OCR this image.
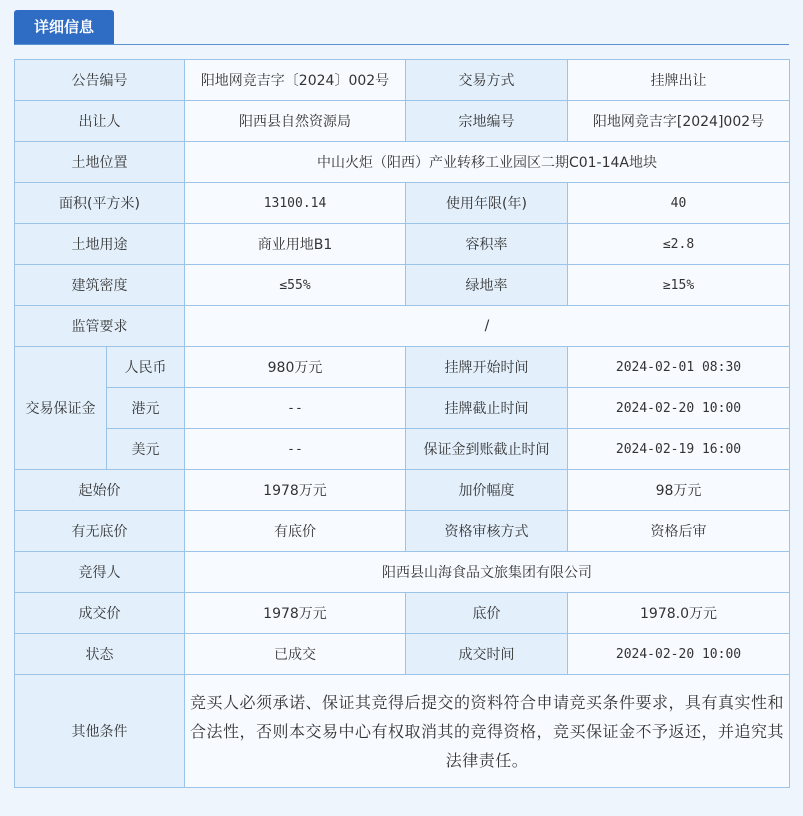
详细信息
公告编号		阳地网竞吉字〔2024〕002号	交易方式	挂牌出让
出让人		阳西县自然资源局	宗地编号	阳地网竞吉字[2024]002号
土地位置		中山火炬（阳西）产业转移工业园区二期C01-14A地块		
面积(平方米)		13100.14	使用年限(年)	40
土地用途		商业用地B1	容积率	≤2.8
建筑密度		≤55%	绿地率	≥15%
监管要求		/		
交易保证金	人民币	980万元	挂牌开始时间	2024-02-01 08:30
	港元	--	挂牌截止时间	2024-02-20 10:00
	美元	--	保证金到账截止时间	2024-02-19 16:00
起始价		1978万元	加价幅度	98万元
有无底价		有底价	资格审核方式	资格后审
竞得人		阳西县山海食品文旅集团有限公司		
成交价		1978万元	底价	1978.0万元
状态		已成交	成交时间	2024-02-20 10:00
其他条件		竞买人必须承诺、保证其竞得后提交的资料符合申请竞买条件要求，具有真实性和合法性，否则本交易中心有权取消其的竞得资格，竞买保证金不予返还，并追究其法律责任。		
